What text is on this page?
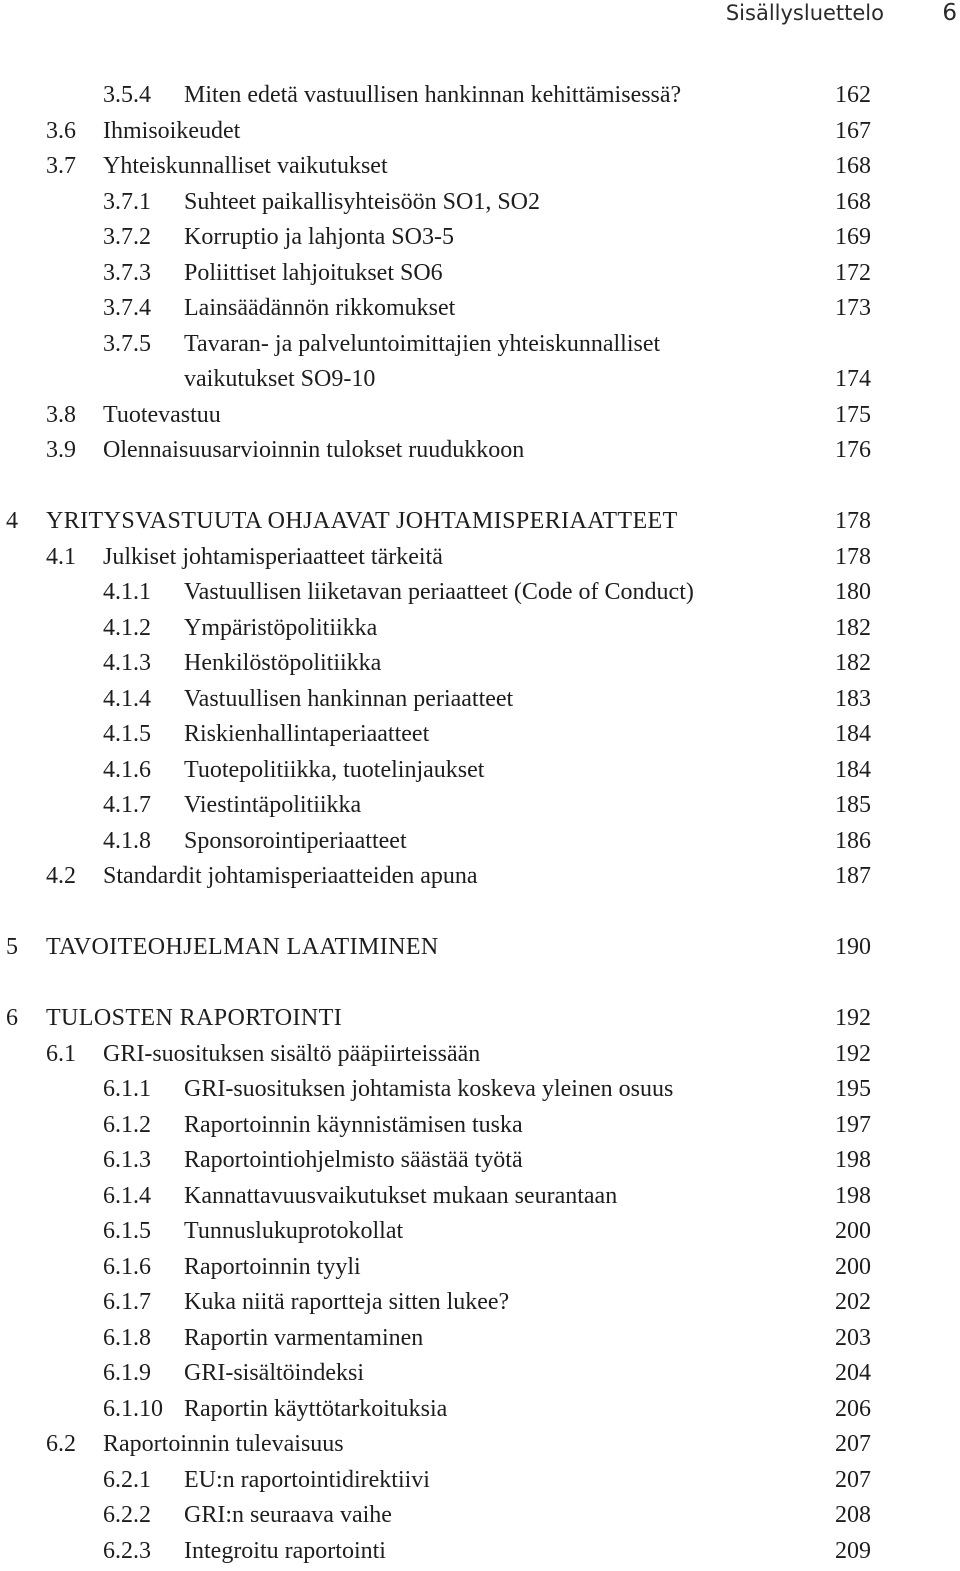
Sisällysluettelo	6
3.5.4 Miten edetä vastuullisen hankinnan kehittämisessä?	162
3.6 Ihmisoikeudet	167
3.7 Yhteiskunnalliset vaikutukset	168
3.7.1 Suhteet paikallisyhteisöön SO1, SO2	168
3.7.2 Korruptio ja lahjonta SO3-5	169
3.7.3 Poliittiset lahjoitukset SO6	172
3.7.4 Lainsäädännön rikkomukset	173
3.7.5 Tavaran- ja palveluntoimittajien yhteiskunnalliset
vaikutukset SO9-10	174
3.8 Tuotevastuu	175
3.9 Olennaisuusarvioinnin tulokset ruudukkoon	176
4 YRITYSVASTUUTA OHJAAVAT JOHTAMISPERIAATTEET	178
4.1 Julkiset johtamisperiaatteet tärkeitä	178
4.1.1 Vastuullisen liiketavan periaatteet (Code of Conduct)	180
4.1.2 Ympäristöpolitiikka	182
4.1.3 Henkilöstöpolitiikka	182
4.1.4 Vastuullisen hankinnan periaatteet	183
4.1.5 Riskienhallintaperiaatteet	184
4.1.6 Tuotepolitiikka, tuotelinjaukset	184
4.1.7 Viestintäpolitiikka	185
4.1.8 Sponsorointiperiaatteet	186
4.2 Standardit johtamisperiaatteiden apuna	187
5 TAVOITEOHJELMAN LAATIMINEN	190
6 TULOSTEN RAPORTOINTI	192
6.1 GRI-suosituksen sisältö pääpiirteissään	192
6.1.1 GRI-suosituksen johtamista koskeva yleinen osuus	195
6.1.2 Raportoinnin käynnistämisen tuska	197
6.1.3 Raportointiohjelmisto säästää työtä	198
6.1.4 Kannattavuusvaikutukset mukaan seurantaan	198
6.1.5 Tunnuslukuprotokollat	200
6.1.6 Raportoinnin tyyli	200
6.1.7 Kuka niitä raportteja sitten lukee?	202
6.1.8 Raportin varmentaminen	203
6.1.9 GRI-sisältöindeksi	204
6.1.10 Raportin käyttötarkoituksia	206
6.2 Raportoinnin tulevaisuus	207
6.2.1 EU:n raportointidirektiivi	207
6.2.2 GRI:n seuraava vaihe	208
6.2.3 Integroitu raportointi	209
